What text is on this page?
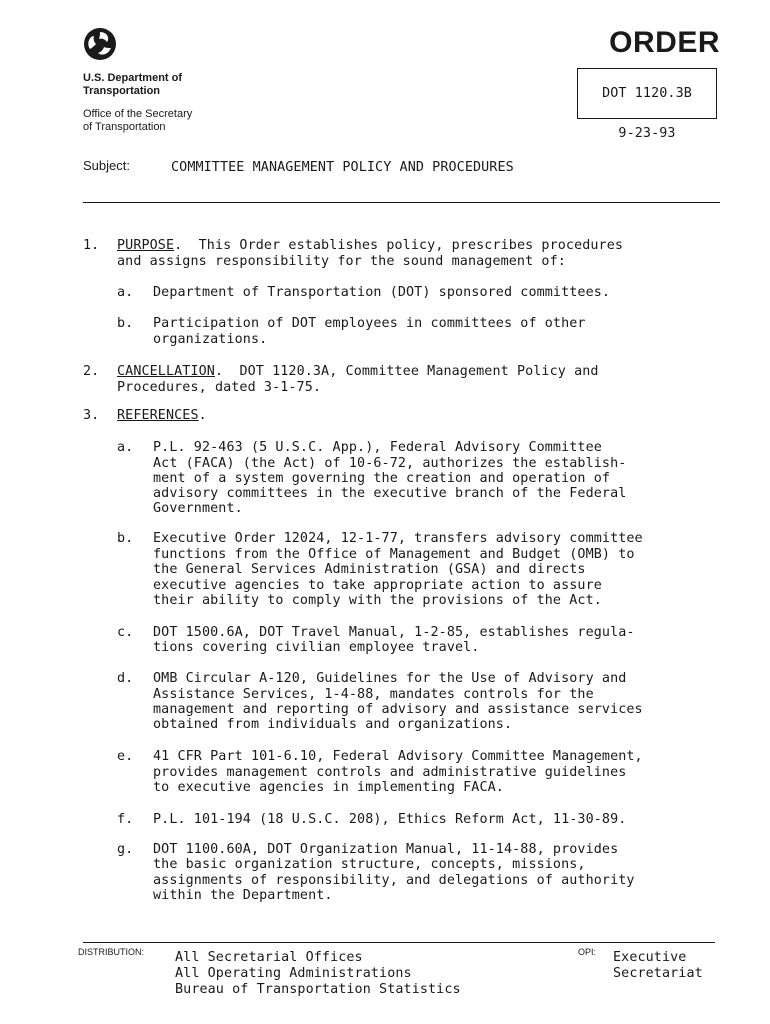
U.S. Department of
Transportation
Office of the Secretary
of Transportation
ORDER
DOT 1120.3B
9-23-93
Subject:	COMMITTEE MANAGEMENT POLICY AND PROCEDURES
1. PURPOSE.  This Order establishes policy, prescribes procedures
and assigns responsibility for the sound management of:
a. Department of Transportation (DOT) sponsored committees.
b. Participation of DOT employees in committees of other
organizations.
2. CANCELLATION.  DOT 1120.3A, Committee Management Policy and
Procedures, dated 3-1-75.
3. REFERENCES.
a. P.L. 92-463 (5 U.S.C. App.), Federal Advisory Committee
Act (FACA) (the Act) of 10-6-72, authorizes the establish-
ment of a system governing the creation and operation of
advisory committees in the executive branch of the Federal
Government.
b. Executive Order 12024, 12-1-77, transfers advisory committee
functions from the Office of Management and Budget (OMB) to
the General Services Administration (GSA) and directs
executive agencies to take appropriate action to assure
their ability to comply with the provisions of the Act.
c. DOT 1500.6A, DOT Travel Manual, 1-2-85, establishes regula-
tions covering civilian employee travel.
d. OMB Circular A-120, Guidelines for the Use of Advisory and
Assistance Services, 1-4-88, mandates controls for the
management and reporting of advisory and assistance services
obtained from individuals and organizations.
e. 41 CFR Part 101-6.10, Federal Advisory Committee Management,
provides management controls and administrative guidelines
to executive agencies in implementing FACA.
f. P.L. 101-194 (18 U.S.C. 208), Ethics Reform Act, 11-30-89.
g. DOT 1100.60A, DOT Organization Manual, 11-14-88, provides
the basic organization structure, concepts, missions,
assignments of responsibility, and delegations of authority
within the Department.
DISTRIBUTION: All Secretarial Offices
All Operating Administrations
Bureau of Transportation Statistics
OPI: Executive
Secretariat
